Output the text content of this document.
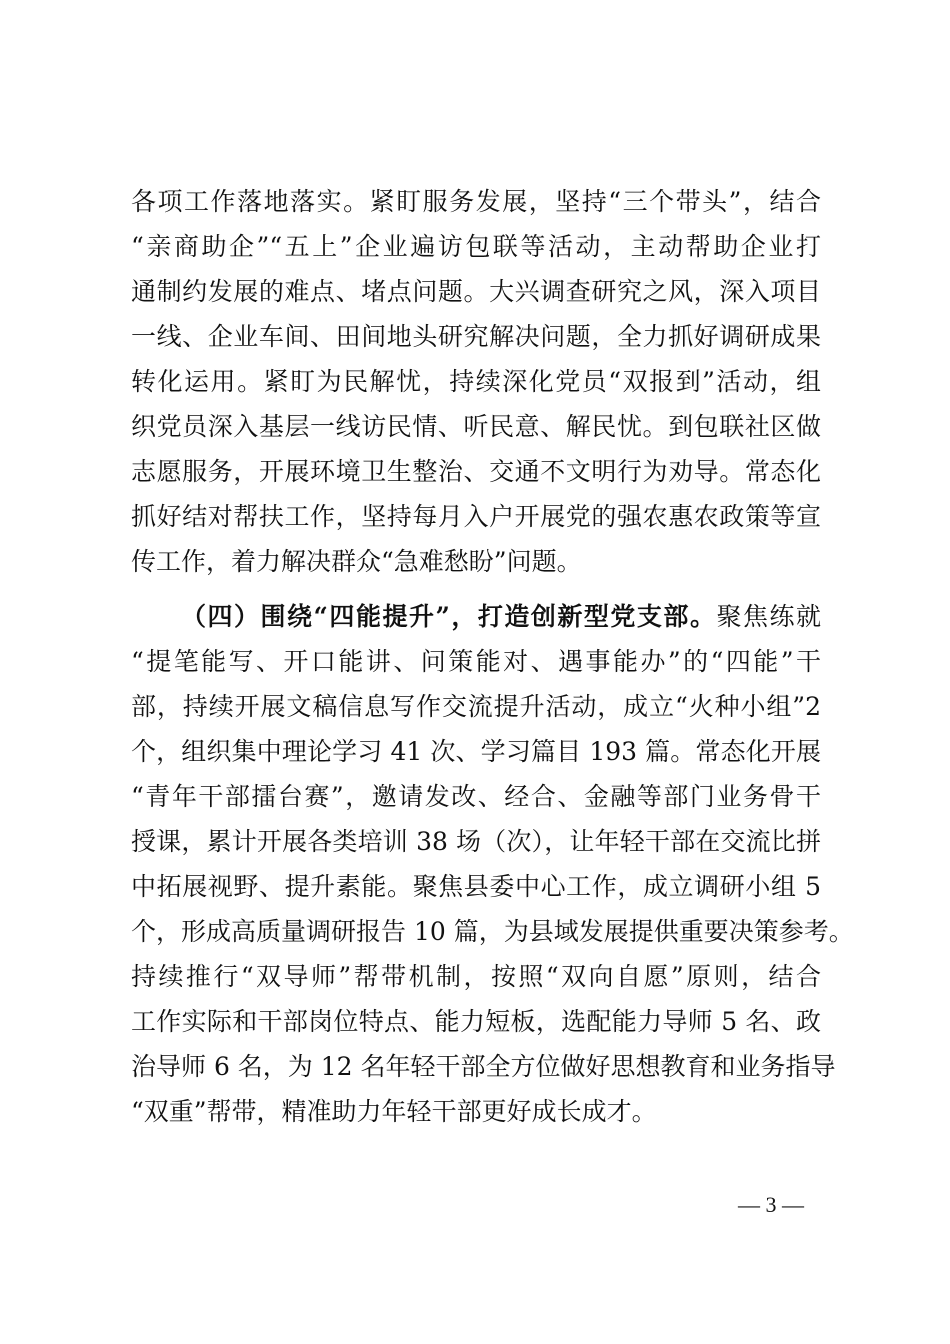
各项工作落地落实。紧盯服务发展，坚持“三个带头”，结合
“亲商助企”“五上”企业遍访包联等活动，主动帮助企业打
通制约发展的难点、堵点问题。大兴调查研究之风，深入项目
一线、企业车间、田间地头研究解决问题，全力抓好调研成果
转化运用。紧盯为民解忧，持续深化党员“双报到”活动，组
织党员深入基层一线访民情、听民意、解民忧。到包联社区做
志愿服务，开展环境卫生整治、交通不文明行为劝导。常态化
抓好结对帮扶工作，坚持每月入户开展党的强农惠农政策等宣
传工作，着力解决群众“急难愁盼”问题。
（四）围绕“四能提升”，打造创新型党支部。聚焦练就
“提笔能写、开口能讲、问策能对、遇事能办”的“四能”干
部，持续开展文稿信息写作交流提升活动，成立“火种小组”2
个，组织集中理论学习 41 次、学习篇目 193 篇。常态化开展
“青年干部擂台赛”，邀请发改、经合、金融等部门业务骨干
授课，累计开展各类培训 38 场（次），让年轻干部在交流比拼
中拓展视野、提升素能。聚焦县委中心工作，成立调研小组 5
个，形成高质量调研报告 10 篇，为县域发展提供重要决策参考。
持续推行“双导师”帮带机制，按照“双向自愿”原则，结合
工作实际和干部岗位特点、能力短板，选配能力导师 5 名、政
治导师 6 名，为 12 名年轻干部全方位做好思想教育和业务指导
“双重”帮带，精准助力年轻干部更好成长成才。
— 3 —
